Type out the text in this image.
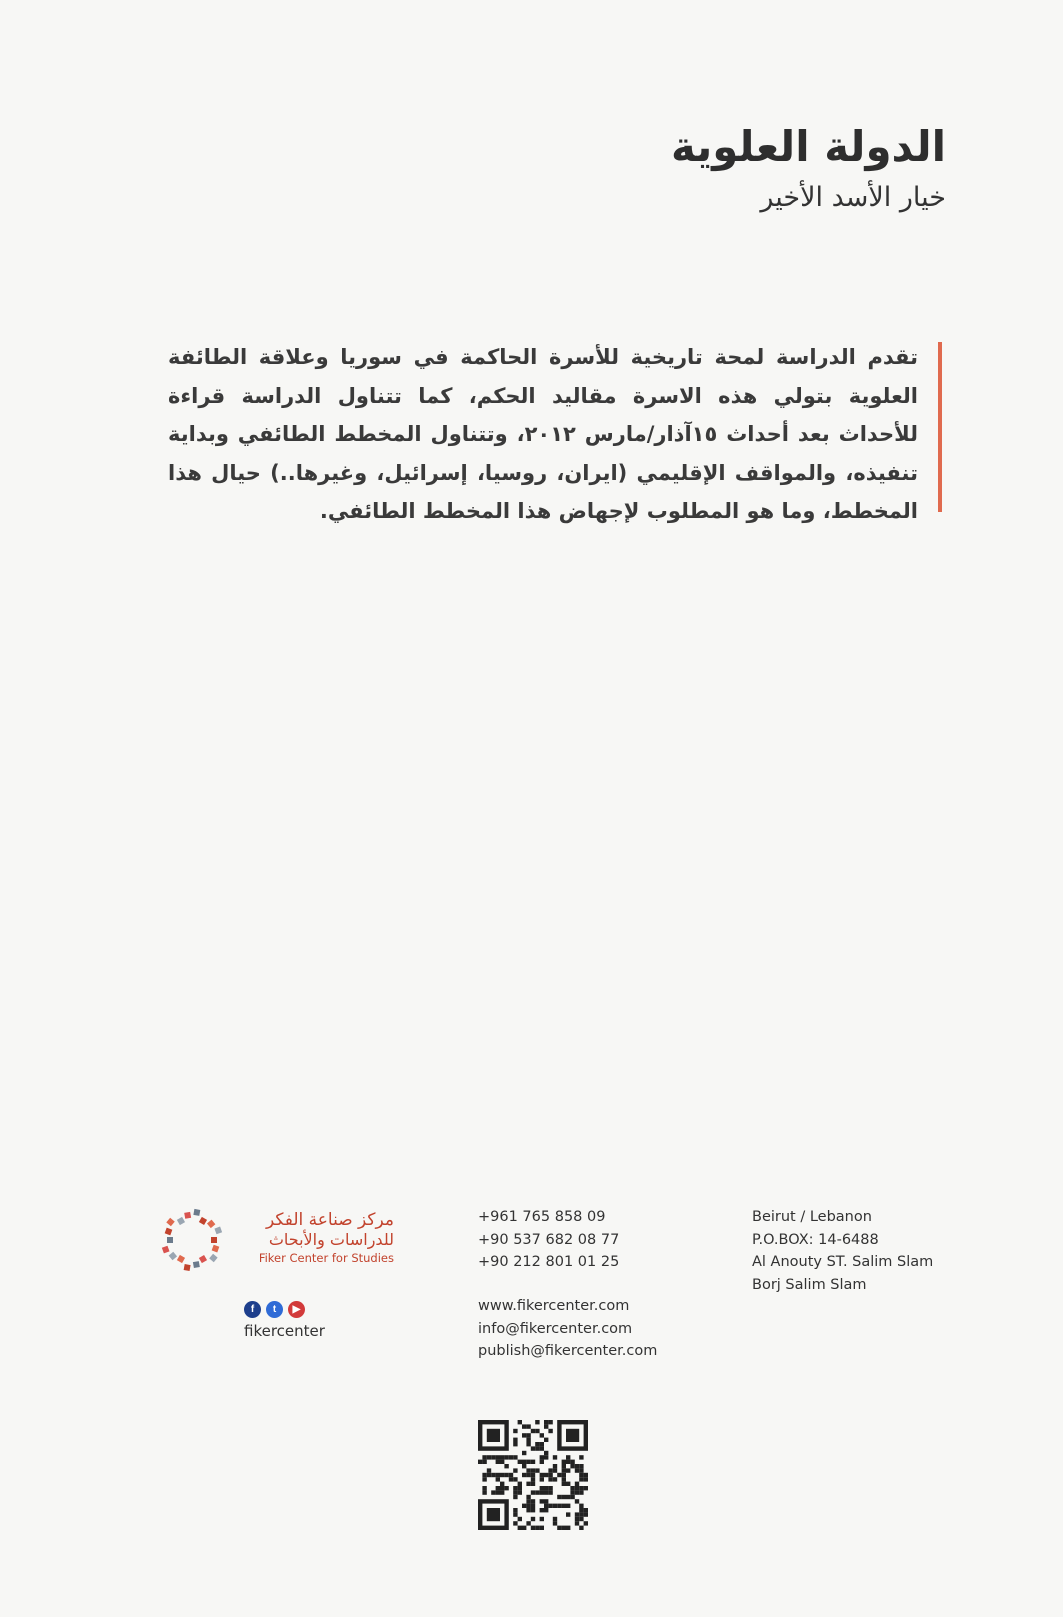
الدولة العلوية
خيار الأسد الأخير
تقدم الدراسة لمحة تاريخية للأسرة الحاكمة في سوريا وعلاقة الطائفة العلوية بتولي هذه الاسرة مقاليد الحكم، كما تتناول الدراسة قراءة للأحداث بعد أحداث ١٥آذار/مارس ٢٠١٢، وتتناول المخطط الطائفي وبداية تنفيذه، والمواقف الإقليمي (ايران، روسيا، إسرائيل، وغيرها..) حيال هذا المخطط، وما هو المطلوب لإجهاض هذا المخطط الطائفي.
مركز صناعة الفكر
للدراسات والأبحاث
Fiker Center for Studies
f	t	▶
fikercenter
+961 765 858 09
+90 537 682 08 77
+90 212 801 01 25
www.fikercenter.com
info@fikercenter.com
publish@fikercenter.com
Beirut / Lebanon
P.O.BOX: 14-6488
Al Anouty ST. Salim Slam
Borj Salim Slam
